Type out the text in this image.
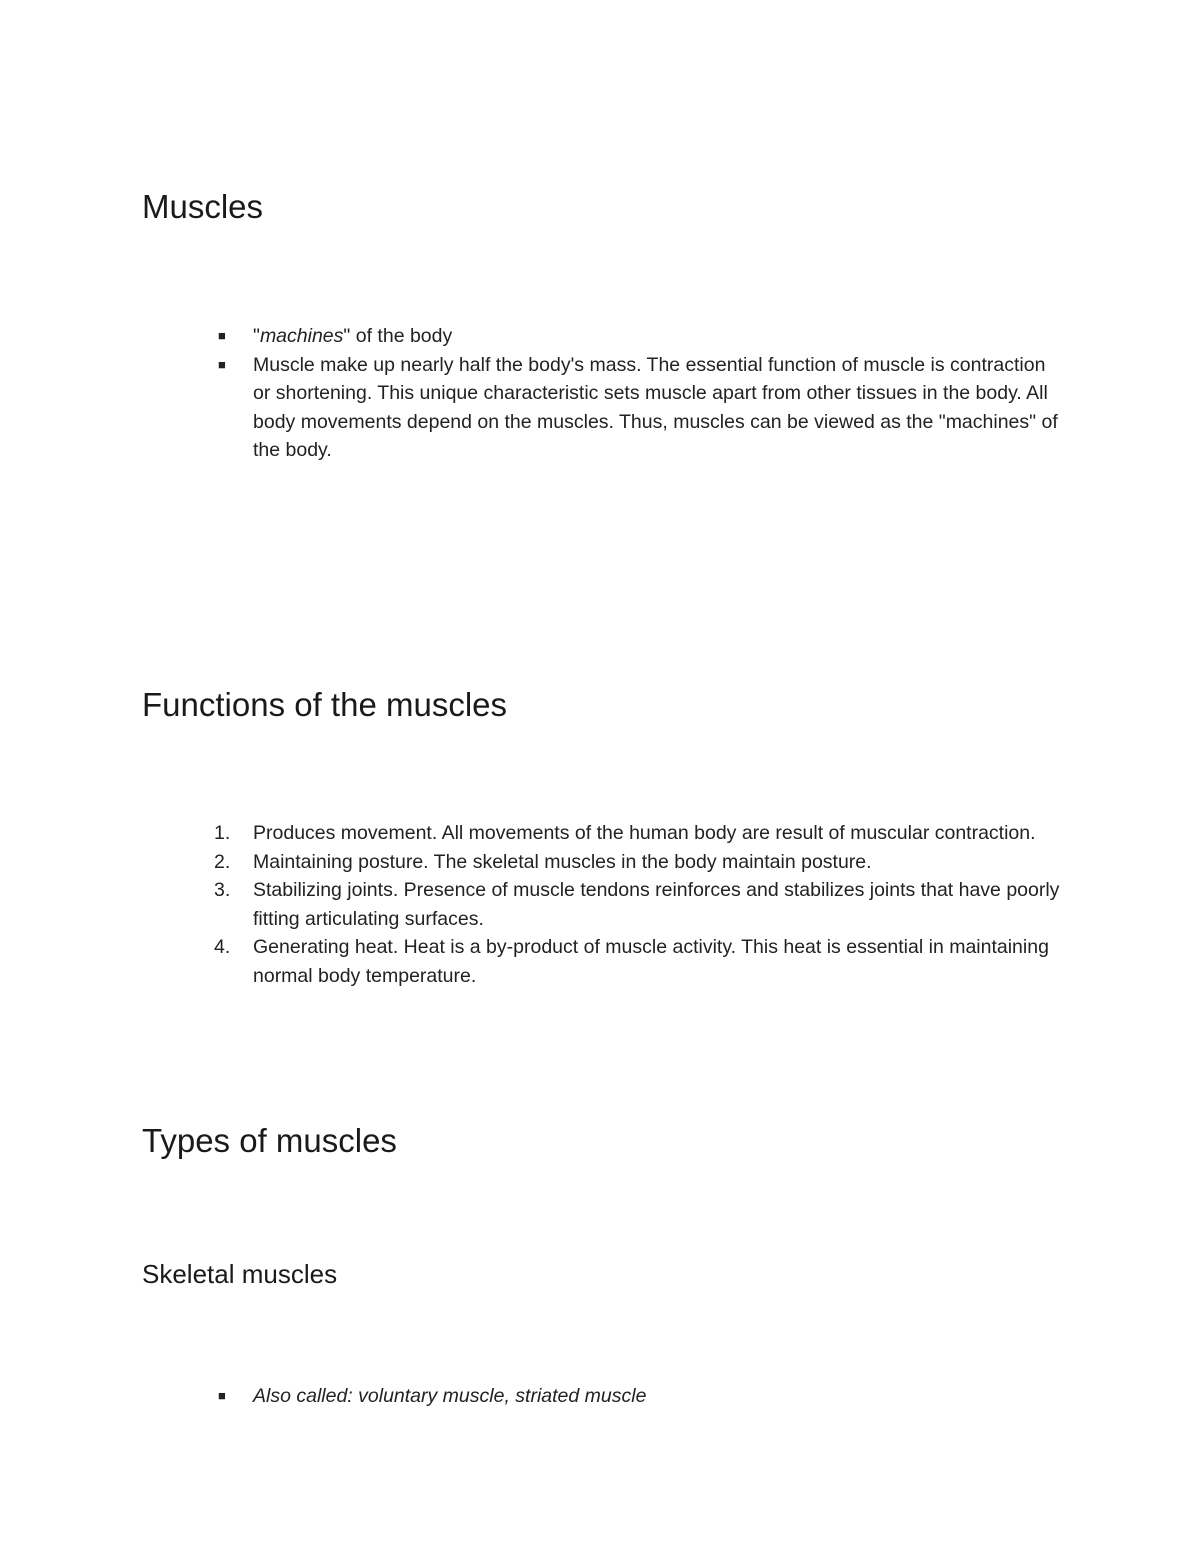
Muscles
■	"machines" of the body
■	Muscle make up nearly half the body's mass. The essential function of muscle is contraction or shortening. This unique characteristic sets muscle apart from other tissues in the body. All body movements depend on the muscles. Thus, muscles can be viewed as the "machines" of the body.
Functions of the muscles
1.	Produces movement. All movements of the human body are result of muscular contraction.
2.	Maintaining posture. The skeletal muscles in the body maintain posture.
3.	Stabilizing joints. Presence of muscle tendons reinforces and stabilizes joints that have poorly fitting articulating surfaces.
4.	Generating heat. Heat is a by-product of muscle activity. This heat is essential in maintaining normal body temperature.
Types of muscles
Skeletal muscles
■	Also called: voluntary muscle, striated muscle
